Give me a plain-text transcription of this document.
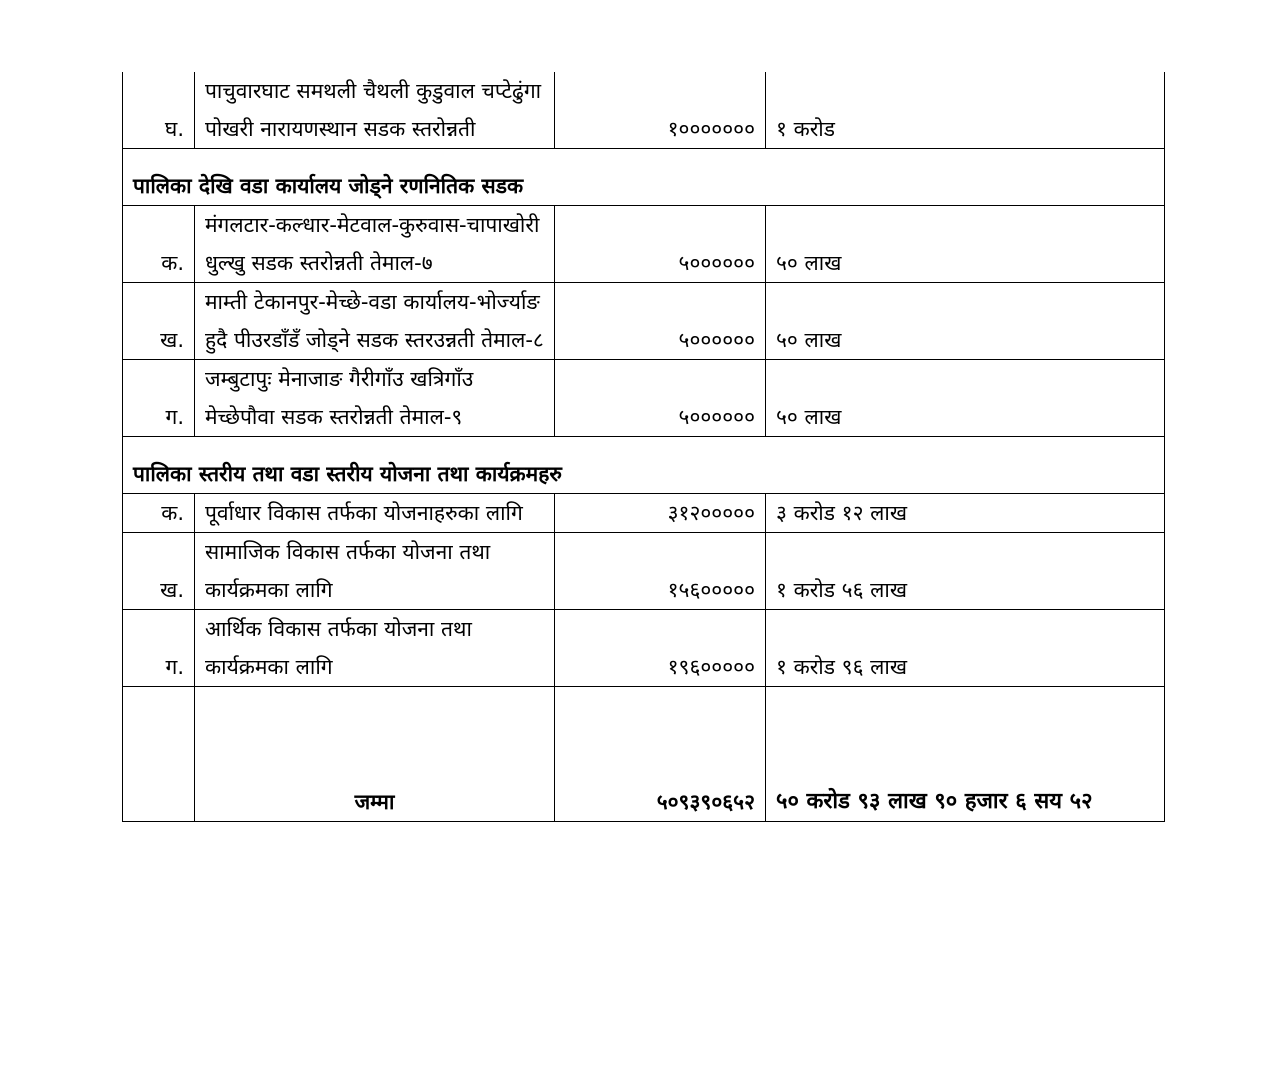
घ.	पाचुवारघाट समथली चैथली कुडुवाल चप्टेढुंगा पोखरी नारायणस्थान सडक स्तरोन्नती	१०००००००	१ करोड
पालिका देखि वडा कार्यालय जोड्ने रणनितिक सडक			
क.	मंगलटार-कल्धार-मेटवाल-कुरुवास-चापाखोरी धुल्खु सडक स्तरोन्नती तेमाल-७	५००००००	५० लाख
ख.	माम्ती टेकानपुर-मेच्छे-वडा कार्यालय-भोर्ज्याङ हुदै पीउरडाँडँ जोड्ने सडक स्तरउन्नती तेमाल-८	५००००००	५० लाख
ग.	जम्बुटापुः मेनाजाङ गैरीगाँउ खत्रिगाँउ मेच्छेपौवा सडक स्तरोन्नती तेमाल-९	५००००००	५० लाख
पालिका स्तरीय तथा वडा स्तरीय योजना तथा कार्यक्रमहरु			
क.	पूर्वाधार विकास तर्फका योजनाहरुका लागि	३१२०००००	३ करोड १२ लाख
ख.	सामाजिक विकास तर्फका योजना तथा कार्यक्रमका लागि	१५६०००००	१ करोड ५६ लाख
ग.	आर्थिक विकास तर्फका योजना तथा कार्यक्रमका लागि	१९६०००००	१ करोड ९६ लाख
	जम्मा	५०९३९०६५२	५० करोड ९३ लाख ९० हजार ६ सय ५२
